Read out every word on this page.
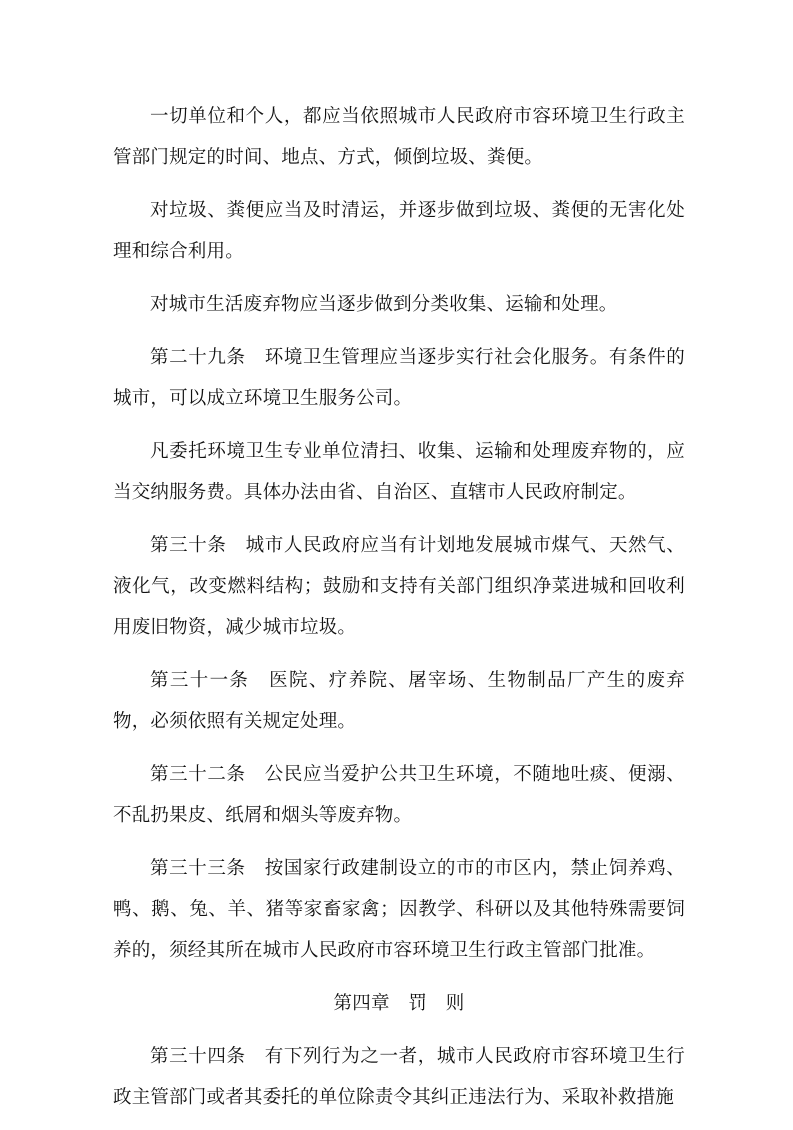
一切单位和个人，都应当依照城市人民政府市容环境卫生行政主管部门规定的时间、地点、方式，倾倒垃圾、粪便。

对垃圾、粪便应当及时清运，并逐步做到垃圾、粪便的无害化处理和综合利用。

对城市生活废弃物应当逐步做到分类收集、运输和处理。

第二十九条　 环境卫生管理应当逐步实行社会化服务。有条件的城市，可以成立环境卫生服务公司。

凡委托环境卫生专业单位清扫、收集、运输和处理废弃物的，应当交纳服务费。具体办法由省、自治区、直辖市人民政府制定。

第三十条　 城市人民政府应当有计划地发展城市煤气、天然气、液化气，改变燃料结构；鼓励和支持有关部门组织净菜进城和回收利用废旧物资，减少城市垃圾。

第三十一条　 医院、疗养院、屠宰场、生物制品厂产生的废弃物，必须依照有关规定处理。

第三十二条　 公民应当爱护公共卫生环境，不随地吐痰、便溺、不乱扔果皮、纸屑和烟头等废弃物。

第三十三条　 按国家行政建制设立的市的市区内，禁止饲养鸡、鸭、鹅、兔、羊、猪等家畜家禽；因教学、科研以及其他特殊需要饲养的，须经其所在城市人民政府市容环境卫生行政主管部门批准。

第四章　罚　则

第三十四条　 有下列行为之一者，城市人民政府市容环境卫生行政主管部门或者其委托的单位除责令其纠正违法行为、采取补救措施
